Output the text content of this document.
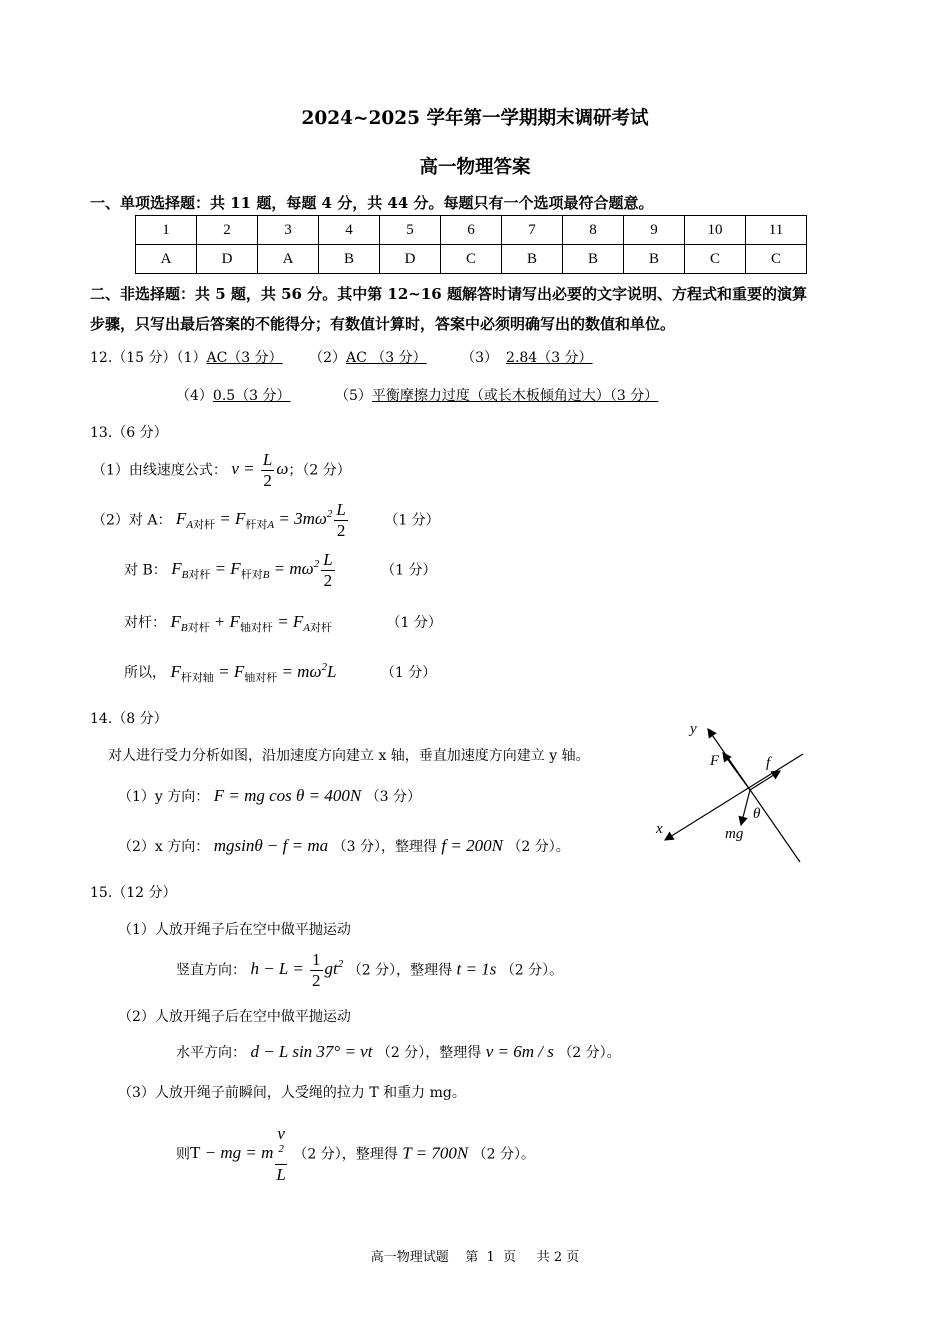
2024~2025 学年第一学期期末调研考试
高一物理答案
一、单项选择题：共 11 题，每题 4 分，共 44 分。每题只有一个选项最符合题意。
1	2	3	4	5	6	7	8	9	10	11
A	D	A	B	D	C	B	B	B	C	C
二、非选择题：共 5 题，共 56 分。其中第 12~16 题解答时请写出必要的文字说明、方程式和重要的演算
步骤，只写出最后答案的不能得分；有数值计算时，答案中必须明确写出的数值和单位。
12.（15 分）（1）AC（3 分） （2）AC （3 分） （3） 2.84（3 分）
（4）0.5（3 分）	（5）平衡摩擦力过度（或长木板倾角过大）（3 分）
13.（6 分）
（1）由线速度公式： $v = \frac{L}{2}$ ω；（2 分）
（2）对 A： $F_{A对杆} = F_{杆对A} = 3m\omega^2 \frac{L}{2}$	（1 分）
对 B： $F_{B对杆} = F_{杆对B} = m\omega^2 \frac{L}{2}$	（1 分）
对杆： $F_{B对杆} + F_{轴对杆} = F_{A对杆}$	（1 分）
所以， $F_{杆对轴} = F_{轴对杆} = m\omega^2L$	（1 分）
14.（8 分）
对人进行受力分析如图，沿加速度方向建立 x 轴，垂直加速度方向建立 y 轴。
（1）y 方向： F = mg cos θ = 400N （3 分）
（2）x 方向： mgsinθ − f = ma （3 分），整理得 f = 200N （2 分）。
y
F	f
x	mg
θ
15.（12 分）
（1）人放开绳子后在空中做平抛运动
竖直方向： $h - L = \frac{1}{2} gt^2$ （2 分），整理得 t = 1s （2 分）。
（2）人放开绳子后在空中做平抛运动
水平方向： d − L sin 37° = vt （2 分），整理得 v = 6m / s （2 分）。
（3）人放开绳子前瞬间，人受绳的拉力 T 和重力 mg。
则T − mg = m v
2
L （2 分），整理得 T = 700N （2 分）。
高一物理试题    第  1  页     共 2 页
